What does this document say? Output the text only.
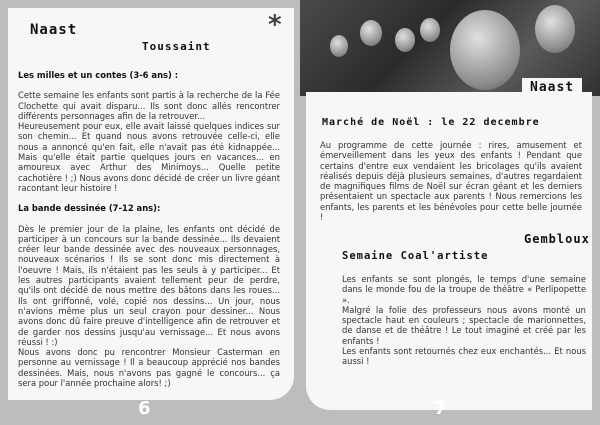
Naast
Toussaint
*

Les milles et un contes (3-6 ans) :

Cette semaine les enfants sont partis à la recherche de la Fée Clochette qui avait disparu... Ils sont donc allés rencontrer différents personnages afin de la retrouver...

Heureusement pour eux, elle avait laissé quelques indices sur son chemin... Et quand nous avons retrouvée celle-ci, elle nous a annoncé qu'en fait, elle n'avait pas été kidnappée... Mais qu'elle était partie quelques jours en vacances... en amoureux avec Arthur des Minimoys... Quelle petite cachotière ! ;) Nous avons donc décidé de créer un livre géant racontant leur histoire !

La bande dessinée (7-12 ans):

Dès le premier jour de la plaine, les enfants ont décidé de participer à un concours sur la bande dessinée... Ils devaient créer leur bande dessinée avec des nouveaux personnages, nouveaux scénarios ! Ils se sont donc mis directement à l'oeuvre ! Mais, ils n'étaient pas les seuls à y participer... Et les autres participants avaient tellement peur de perdre, qu'ils ont décidé de nous mettre des bâtons dans les roues... Ils ont griffonné, volé, copié nos dessins... Un jour, nous n'avions même plus un seul crayon pour dessiner... Nous avons donc dû faire preuve d'intelligence afin de retrouver et de garder nos dessins jusqu'au vernissage... Et nous avons réussi ! :)

Nous avons donc pu rencontrer Monsieur Casterman en personne au vernissage ! Il a beaucoup apprécié nos bandes dessinées. Mais, nous n'avons pas gagné le concours... ça sera pour l'année prochaine alors! ;)

6
Naast
Marché de Noël : le 22 decembre

Au programme de cette journée : rires, amusement et émerveillement dans les yeux des enfants ! Pendant que certains d'entre eux vendaient les bricolages qu'ils avaient réalisés depuis déjà plusieurs semaines, d'autres regardaient de magnifiques films de Noël sur écran géant et les derniers présentaient un spectacle aux parents ! Nous remercions les enfants, les parents et les bénévoles pour cette belle journée !

Gembloux
Semaine Coal'artiste

Les enfants se sont plongés, le temps d'une semaine dans le monde fou de la troupe de théâtre « Perlipopette ».

Malgré la folie des professeurs nous avons monté un spectacle haut en couleurs ; spectacle de marionnettes, de danse et de théâtre ! Le tout imaginé et créé par les enfants !

Les enfants sont retournés chez eux enchantés... Et nous aussi !

7
